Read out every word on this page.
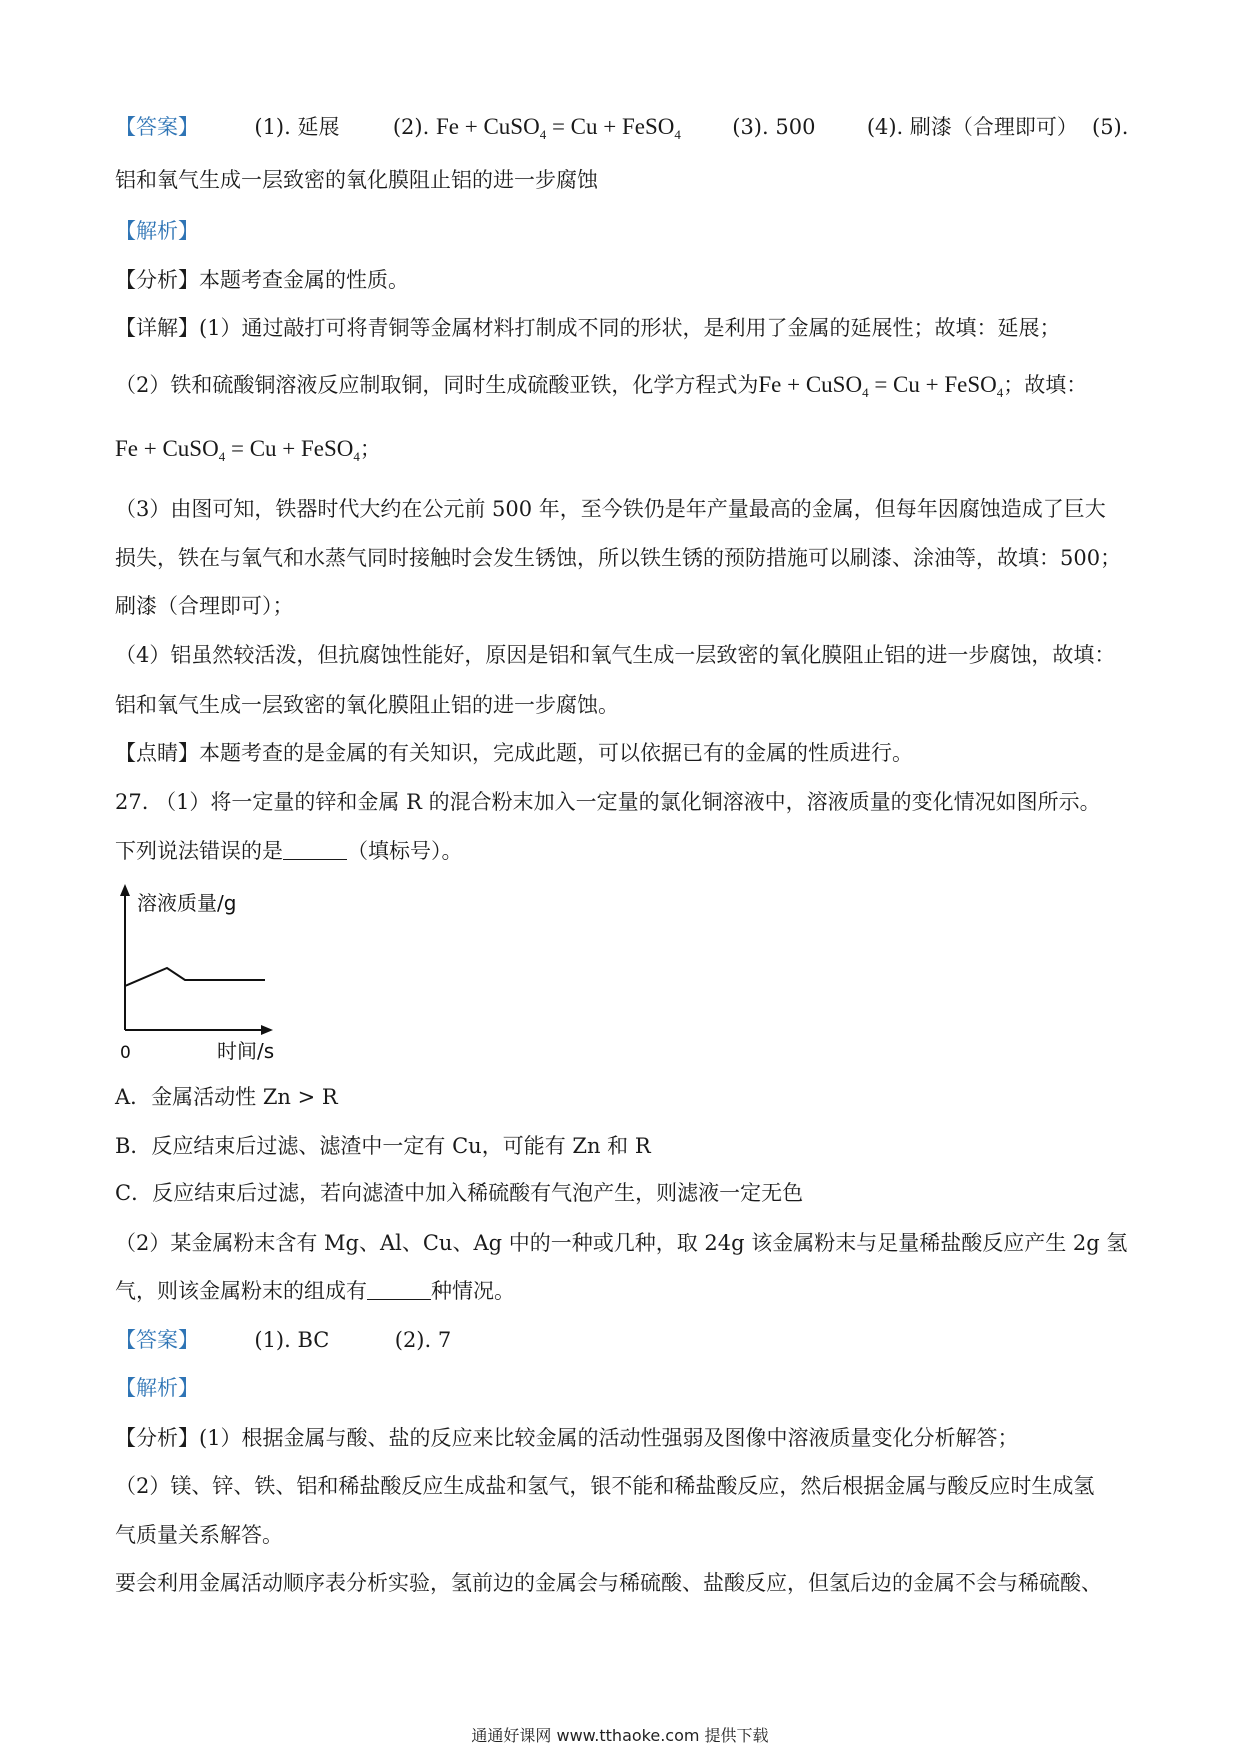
【答案】	(1). 延展	(2). Fe + CuSO$_4$ = Cu + FeSO$_4$ (3). 500 (4). 刷漆（合理即可） (5).
铝和氧气生成一层致密的氧化膜阻止铝的进一步腐蚀
【解析】
【分析】本题考查金属的性质。
【详解】(1）通过敲打可将青铜等金属材料打制成不同的形状，是利用了金属的延展性；故填：延展；
（2）铁和硫酸铜溶液反应制取铜，同时生成硫酸亚铁，化学方程式为Fe + CuSO$_4$ = Cu + FeSO$_4$；故填：
Fe + CuSO$_4$ = Cu + FeSO$_4$；
（3）由图可知，铁器时代大约在公元前 500 年，至今铁仍是年产量最高的金属，但每年因腐蚀造成了巨大
损失，铁在与氧气和水蒸气同时接触时会发生锈蚀，所以铁生锈的预防措施可以刷漆、涂油等，故填：500；
刷漆（合理即可）；
（4）铝虽然较活泼，但抗腐蚀性能好，原因是铝和氧气生成一层致密的氧化膜阻止铝的进一步腐蚀，故填：
铝和氧气生成一层致密的氧化膜阻止铝的进一步腐蚀。
【点睛】本题考查的是金属的有关知识，完成此题，可以依据已有的金属的性质进行。
27. （1）将一定量的锌和金属 R 的混合粉末加入一定量的氯化铜溶液中，溶液质量的变化情况如图所示。
下列说法错误的是	（填标号）。
溶液质量/g
0	时间/s
A．金属活动性 Zn > R
B．反应结束后过滤、滤渣中一定有 Cu，可能有 Zn 和 R
C．反应结束后过滤，若向滤渣中加入稀硫酸有气泡产生，则滤液一定无色
（2）某金属粉末含有 Mg、Al、Cu、Ag 中的一种或几种，取 24g 该金属粉末与足量稀盐酸反应产生 2g 氢
气，则该金属粉末的组成有	种情况。
【答案】	(1). BC	(2). 7
【解析】
【分析】(1）根据金属与酸、盐的反应来比较金属的活动性强弱及图像中溶液质量变化分析解答；
（2）镁、锌、铁、铝和稀盐酸反应生成盐和氢气，银不能和稀盐酸反应，然后根据金属与酸反应时生成氢
气质量关系解答。
要会利用金属活动顺序表分析实验，氢前边的金属会与稀硫酸、盐酸反应，但氢后边的金属不会与稀硫酸、
通通好课网 www.tthaoke.com 提供下载
